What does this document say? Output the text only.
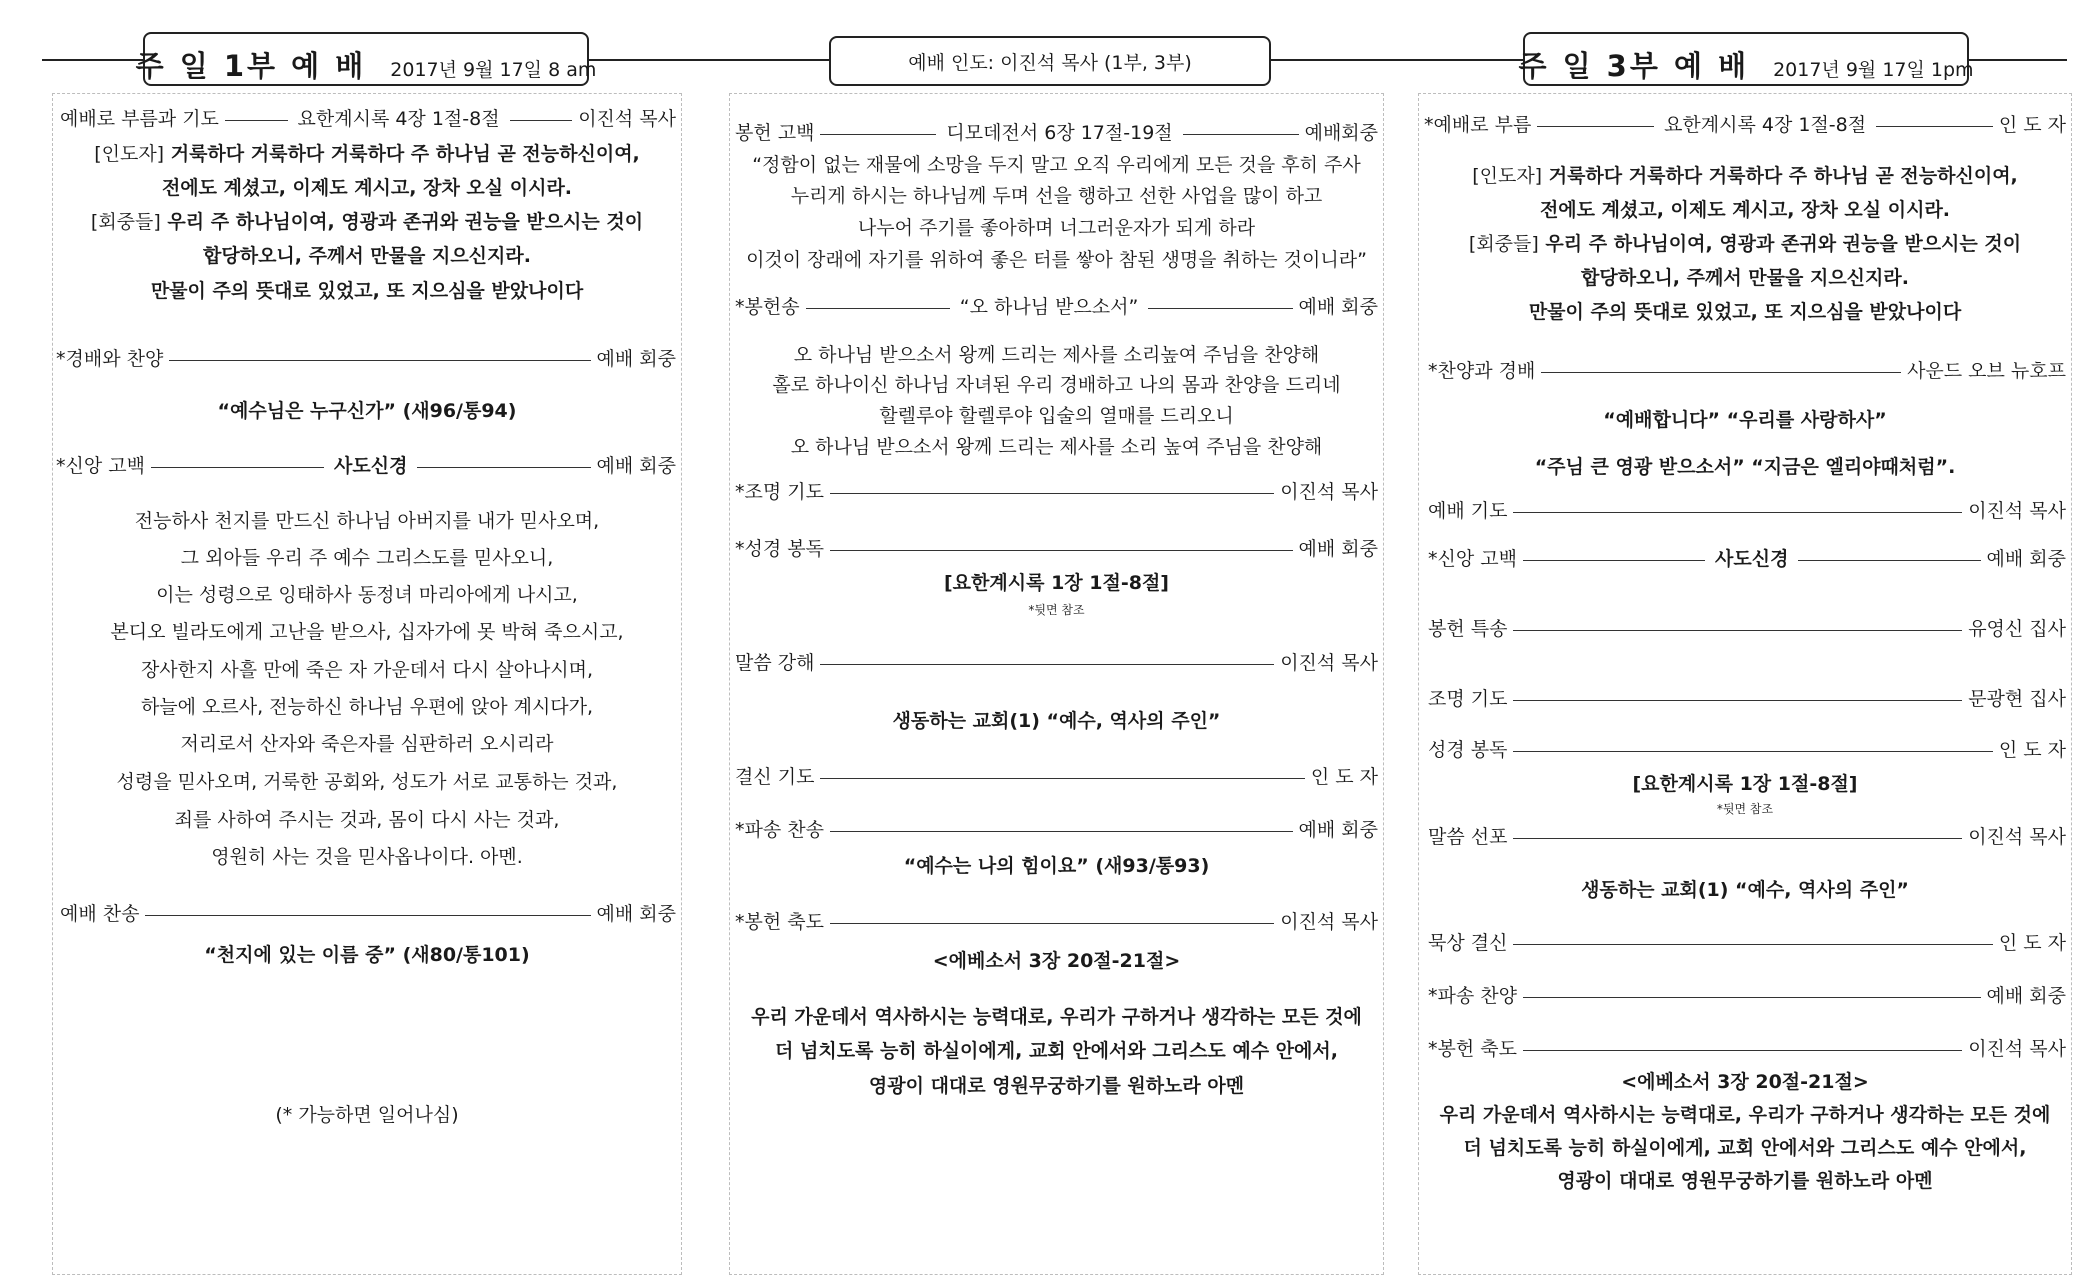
주 일 1부 예 배 2017년 9월 17일 8 am	예배 인도: 이진석 목사 (1부, 3부)	주 일 3부 예 배 2017년 9월 17일 1pm
예배로 부름과 기도	요한계시록 4장 1절-8절	이진석 목사
[인도자] 거룩하다 거룩하다 거룩하다 주 하나님 곧 전능하신이여,
전에도 계셨고, 이제도 계시고, 장차 오실 이시라.
[회중들] 우리 주 하나님이여, 영광과 존귀와 권능을 받으시는 것이
합당하오니, 주께서 만물을 지으신지라.
만물이 주의 뜻대로 있었고, 또 지으심을 받았나이다
*경배와 찬양	예배 회중
“예수님은 누구신가” (새96/통94)
*신앙 고백	사도신경	예배 회중
전능하사 천지를 만드신 하나님 아버지를 내가 믿사오며,
그 외아들 우리 주 예수 그리스도를 믿사오니,
이는 성령으로 잉태하사 동정녀 마리아에게 나시고,
본디오 빌라도에게 고난을 받으사, 십자가에 못 박혀 죽으시고,
장사한지 사흘 만에 죽은 자 가운데서 다시 살아나시며,
하늘에 오르사, 전능하신 하나님 우편에 앉아 계시다가,
저리로서 산자와 죽은자를 심판하러 오시리라
성령을 믿사오며, 거룩한 공회와, 성도가 서로 교통하는 것과,
죄를 사하여 주시는 것과, 몸이 다시 사는 것과,
영원히 사는 것을 믿사옵나이다. 아멘.
예배 찬송	예배 회중
“천지에 있는 이름 중” (새80/통101)
(* 가능하면 일어나심)
봉헌 고백	디모데전서 6장 17절-19절	예배회중
“정함이 없는 재물에 소망을 두지 말고 오직 우리에게 모든 것을 후히 주사
누리게 하시는 하나님께 두며 선을 행하고 선한 사업을 많이 하고
나누어 주기를 좋아하며 너그러운자가 되게 하라
이것이 장래에 자기를 위하여 좋은 터를 쌓아 참된 생명을 취하는 것이니라”
*봉헌송	“오 하나님 받으소서”	예배 회중
오 하나님 받으소서 왕께 드리는 제사를 소리높여 주님을 찬양해
홀로 하나이신 하나님 자녀된 우리 경배하고 나의 몸과 찬양을 드리네
할렐루야 할렐루야 입술의 열매를 드리오니
오 하나님 받으소서 왕께 드리는 제사를 소리 높여 주님을 찬양해
*조명 기도	이진석 목사
*성경 봉독	예배 회중
[요한계시록 1장 1절-8절]
*뒷면 참조
말씀 강해	이진석 목사
생동하는 교회(1) “예수, 역사의 주인”
결신 기도	인 도 자
*파송 찬송	예배 회중
“예수는 나의 힘이요” (새93/통93)
*봉헌 축도	이진석 목사
<에베소서 3장 20절-21절>
우리 가운데서 역사하시는 능력대로, 우리가 구하거나 생각하는 모든 것에
더 넘치도록 능히 하실이에게, 교회 안에서와 그리스도 예수 안에서,
영광이 대대로 영원무궁하기를 원하노라 아멘
*예배로 부름	요한계시록 4장 1절-8절	인 도 자
[인도자] 거룩하다 거룩하다 거룩하다 주 하나님 곧 전능하신이여,
전에도 계셨고, 이제도 계시고, 장차 오실 이시라.
[회중들] 우리 주 하나님이여, 영광과 존귀와 권능을 받으시는 것이
합당하오니, 주께서 만물을 지으신지라.
만물이 주의 뜻대로 있었고, 또 지으심을 받았나이다
*찬양과 경배	사운드 오브 뉴호프
“예배합니다” “우리를 사랑하사”
“주님 큰 영광 받으소서” “지금은 엘리야때처럼”.
예배 기도	이진석 목사
*신앙 고백	사도신경	예배 회중
봉헌 특송	유영신 집사
조명 기도	문광현 집사
성경 봉독	인 도 자
[요한계시록 1장 1절-8절]
*뒷면 참조
말씀 선포	이진석 목사
생동하는 교회(1) “예수, 역사의 주인”
묵상 결신	인 도 자
*파송 찬양	예배 회중
*봉헌 축도	이진석 목사
<에베소서 3장 20절-21절>
우리 가운데서 역사하시는 능력대로, 우리가 구하거나 생각하는 모든 것에
더 넘치도록 능히 하실이에게, 교회 안에서와 그리스도 예수 안에서,
영광이 대대로 영원무궁하기를 원하노라 아멘
